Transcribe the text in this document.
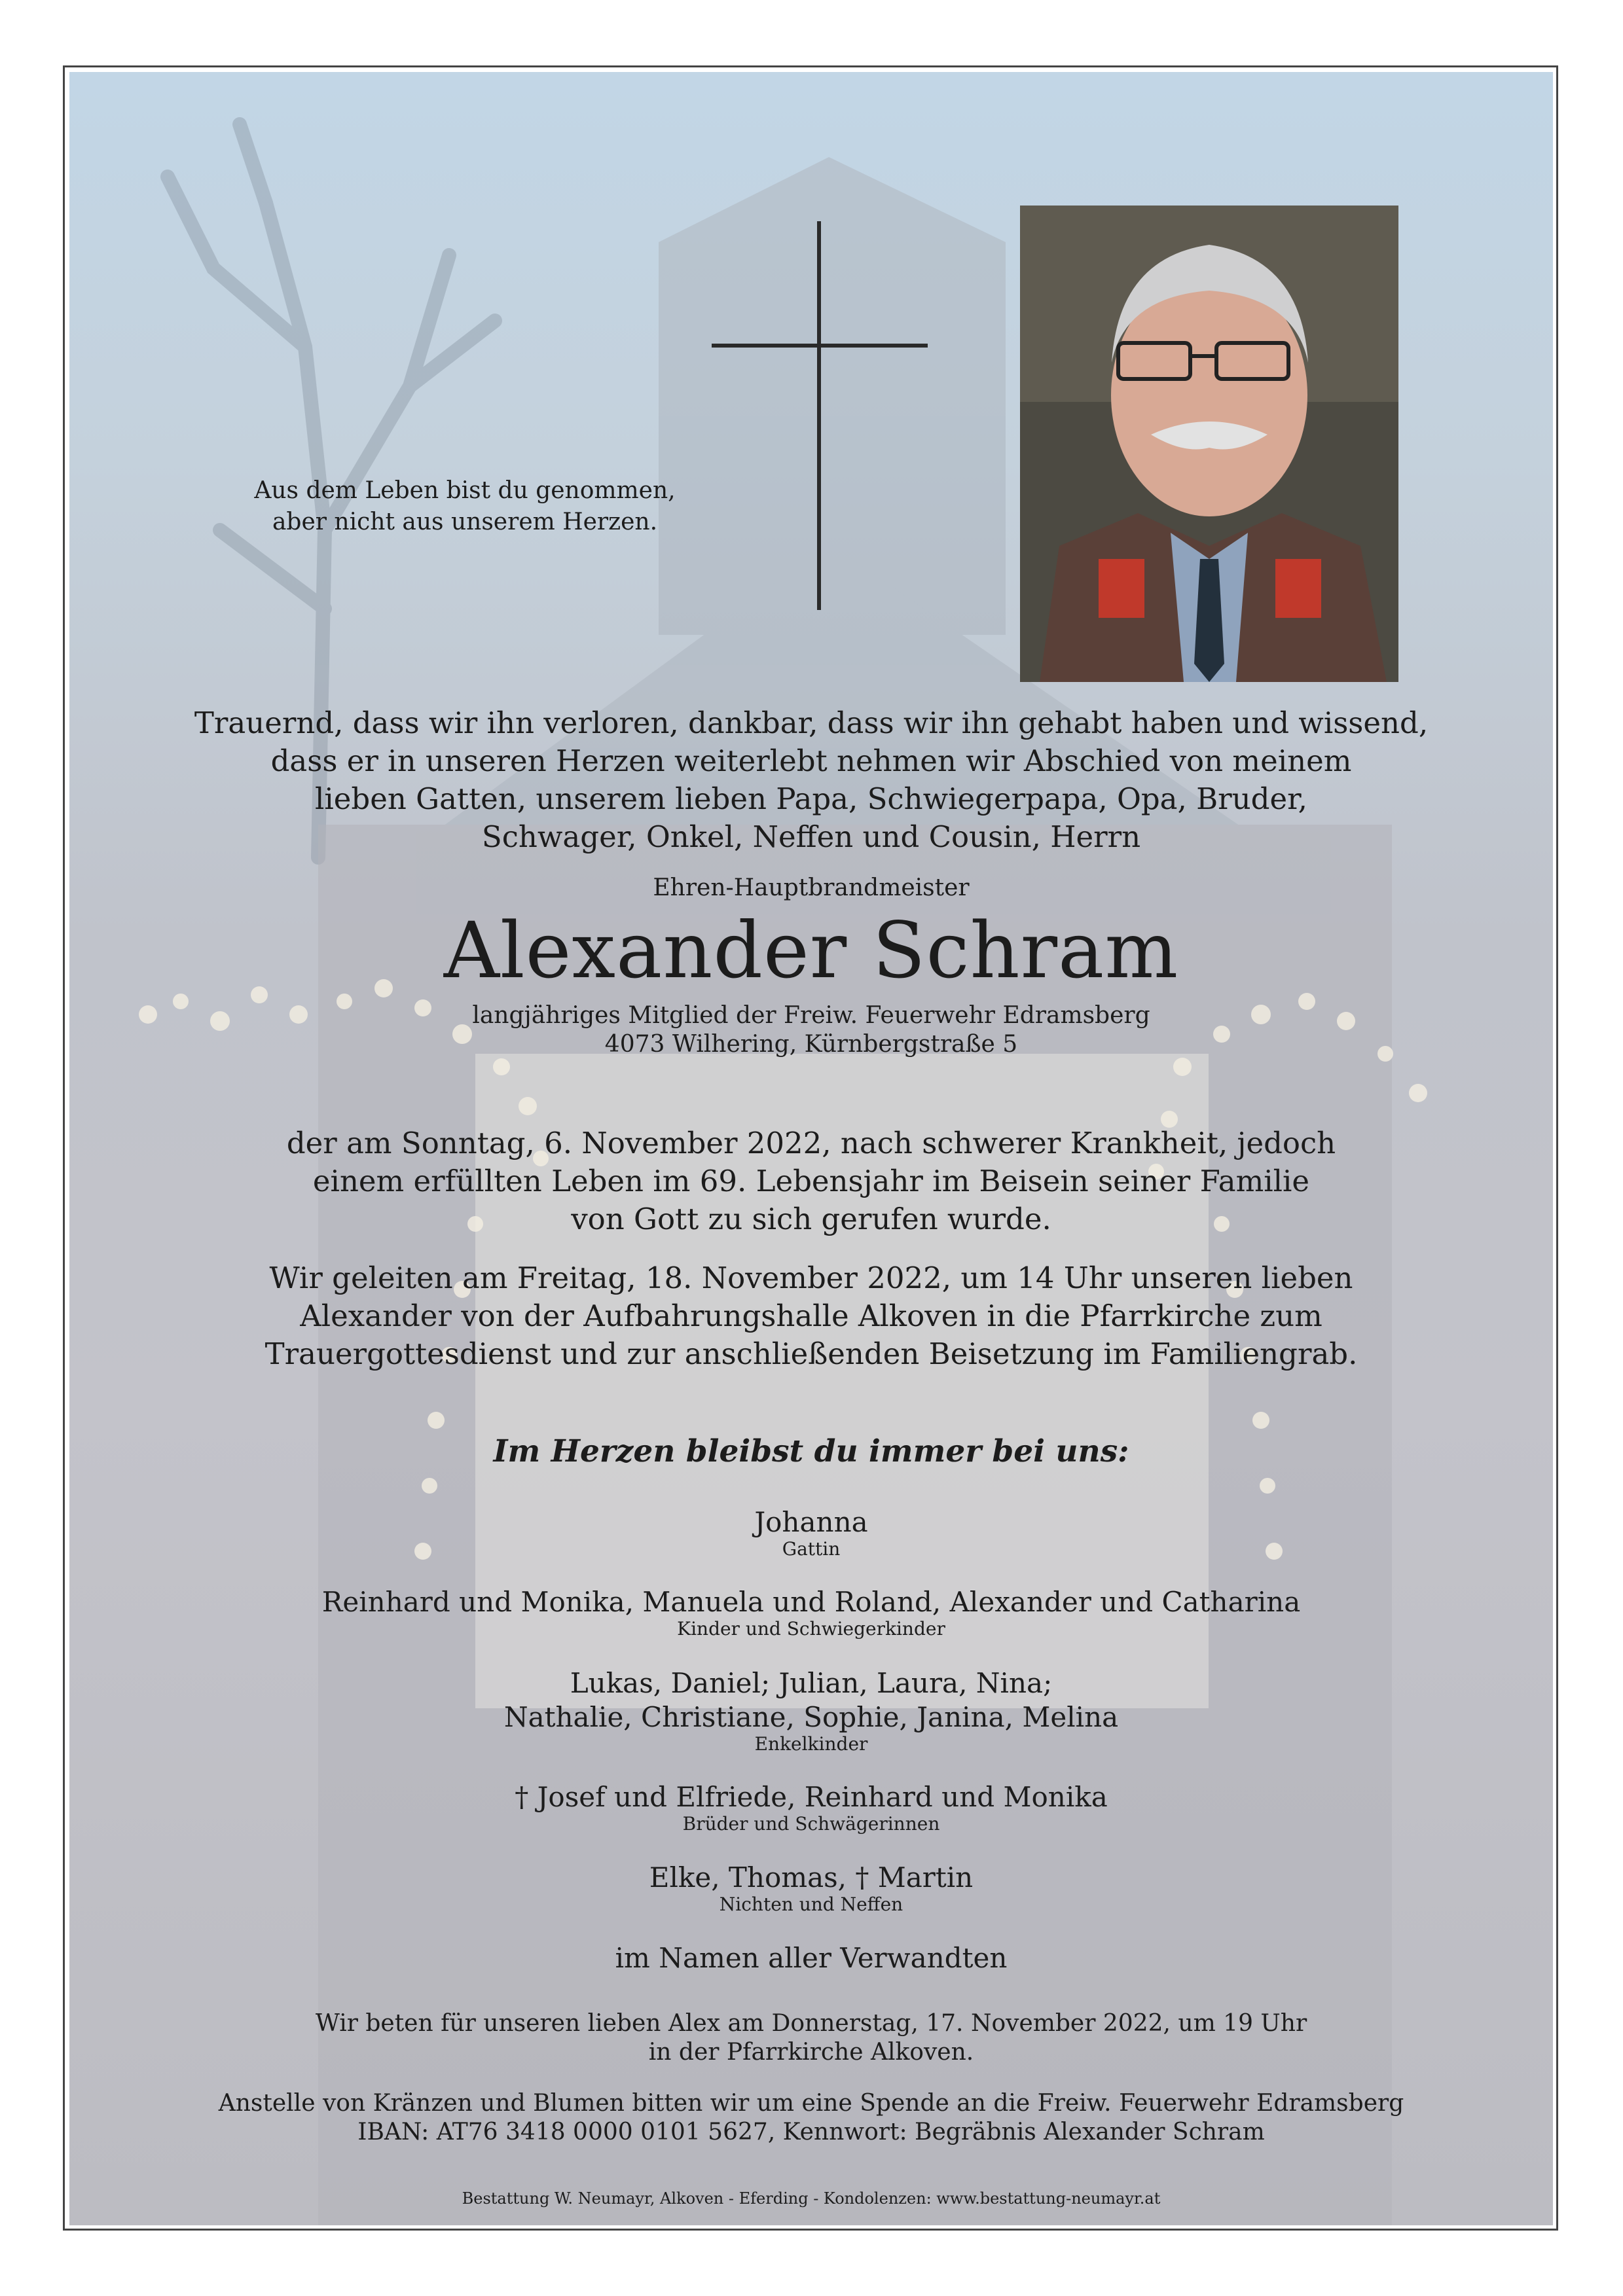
Aus dem Leben bist du genommen,
aber nicht aus unserem Herzen.
Trauernd, dass wir ihn verloren, dankbar, dass wir ihn gehabt haben und wissend,
dass er in unseren Herzen weiterlebt nehmen wir Abschied von meinem
lieben Gatten, unserem lieben Papa, Schwiegerpapa, Opa, Bruder,
Schwager, Onkel, Neffen und Cousin, Herrn
Ehren-Hauptbrandmeister
Alexander Schram
langjähriges Mitglied der Freiw. Feuerwehr Edramsberg
4073 Wilhering, Kürnbergstraße 5
der am Sonntag, 6. November 2022, nach schwerer Krankheit, jedoch
einem erfüllten Leben im 69. Lebensjahr im Beisein seiner Familie
von Gott zu sich gerufen wurde.
Wir geleiten am Freitag, 18. November 2022, um 14 Uhr unseren lieben
Alexander von der Aufbahrungshalle Alkoven in die Pfarrkirche zum
Trauergottesdienst und zur anschließenden Beisetzung im Familiengrab.
Im Herzen bleibst du immer bei uns:
Johanna
Gattin
Reinhard und Monika, Manuela und Roland, Alexander und Catharina
Kinder und Schwiegerkinder
Lukas, Daniel; Julian, Laura, Nina;
Nathalie, Christiane, Sophie, Janina, Melina
Enkelkinder
† Josef und Elfriede, Reinhard und Monika
Brüder und Schwägerinnen
Elke, Thomas, † Martin
Nichten und Neffen
im Namen aller Verwandten
Wir beten für unseren lieben Alex am Donnerstag, 17. November 2022, um 19 Uhr
in der Pfarrkirche Alkoven.
Anstelle von Kränzen und Blumen bitten wir um eine Spende an die Freiw. Feuerwehr Edramsberg
IBAN: AT76 3418 0000 0101 5627, Kennwort: Begräbnis Alexander Schram
Bestattung W. Neumayr, Alkoven - Eferding - Kondolenzen: www.bestattung-neumayr.at
